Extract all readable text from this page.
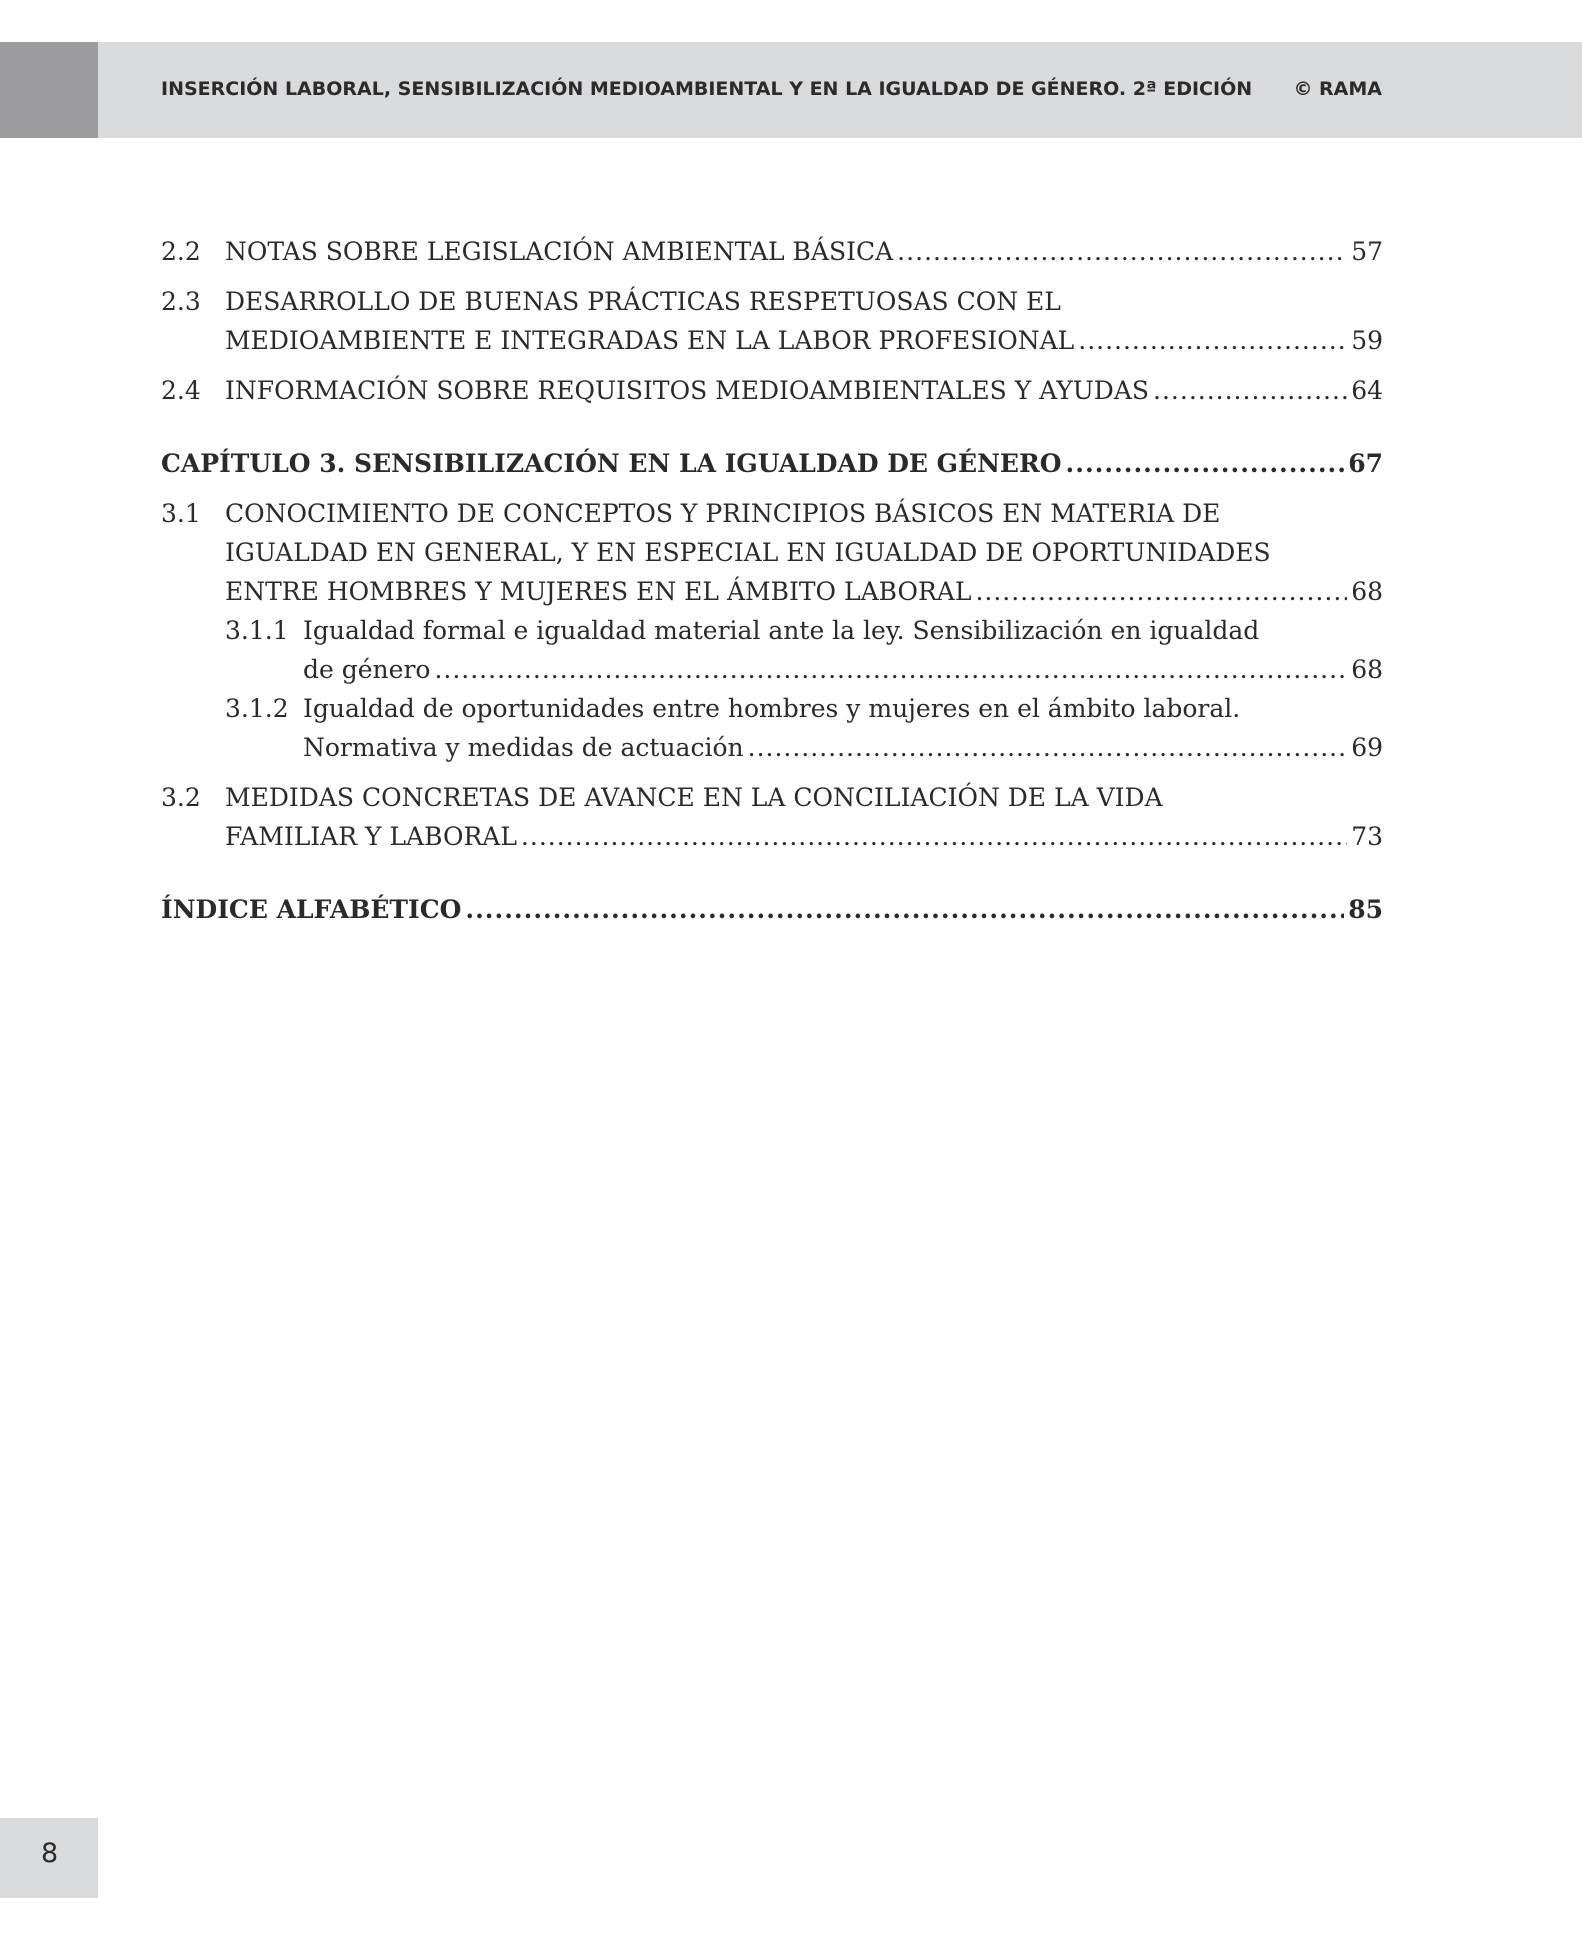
INSERCIÓN LABORAL, SENSIBILIZACIÓN MEDIOAMBIENTAL Y EN LA IGUALDAD DE GÉNERO. 2ª EDICIÓN © RAMA
2.2 NOTAS SOBRE LEGISLACIÓN AMBIENTAL BÁSICA .....	57
2.3 DESARROLLO DE BUENAS PRÁCTICAS RESPETUOSAS CON EL
MEDIOAMBIENTE E INTEGRADAS EN LA LABOR PROFESIONAL .....	59
2.4 INFORMACIÓN SOBRE REQUISITOS MEDIOAMBIENTALES Y AYUDAS .....	64
CAPÍTULO 3. SENSIBILIZACIÓN EN LA IGUALDAD DE GÉNERO .....	67
3.1 CONOCIMIENTO DE CONCEPTOS Y PRINCIPIOS BÁSICOS EN MATERIA DE
IGUALDAD EN GENERAL, Y EN ESPECIAL EN IGUALDAD DE OPORTUNIDADES
ENTRE HOMBRES Y MUJERES EN EL ÁMBITO LABORAL .....	68
3.1.1 Igualdad formal e igualdad material ante la ley. Sensibilización en igualdad
de género .....	68
3.1.2 Igualdad de oportunidades entre hombres y mujeres en el ámbito laboral.
Normativa y medidas de actuación .....	69
3.2 MEDIDAS CONCRETAS DE AVANCE EN LA CONCILIACIÓN DE LA VIDA
FAMILIAR Y LABORAL .....	73
ÍNDICE ALFABÉTICO .....	85
8
